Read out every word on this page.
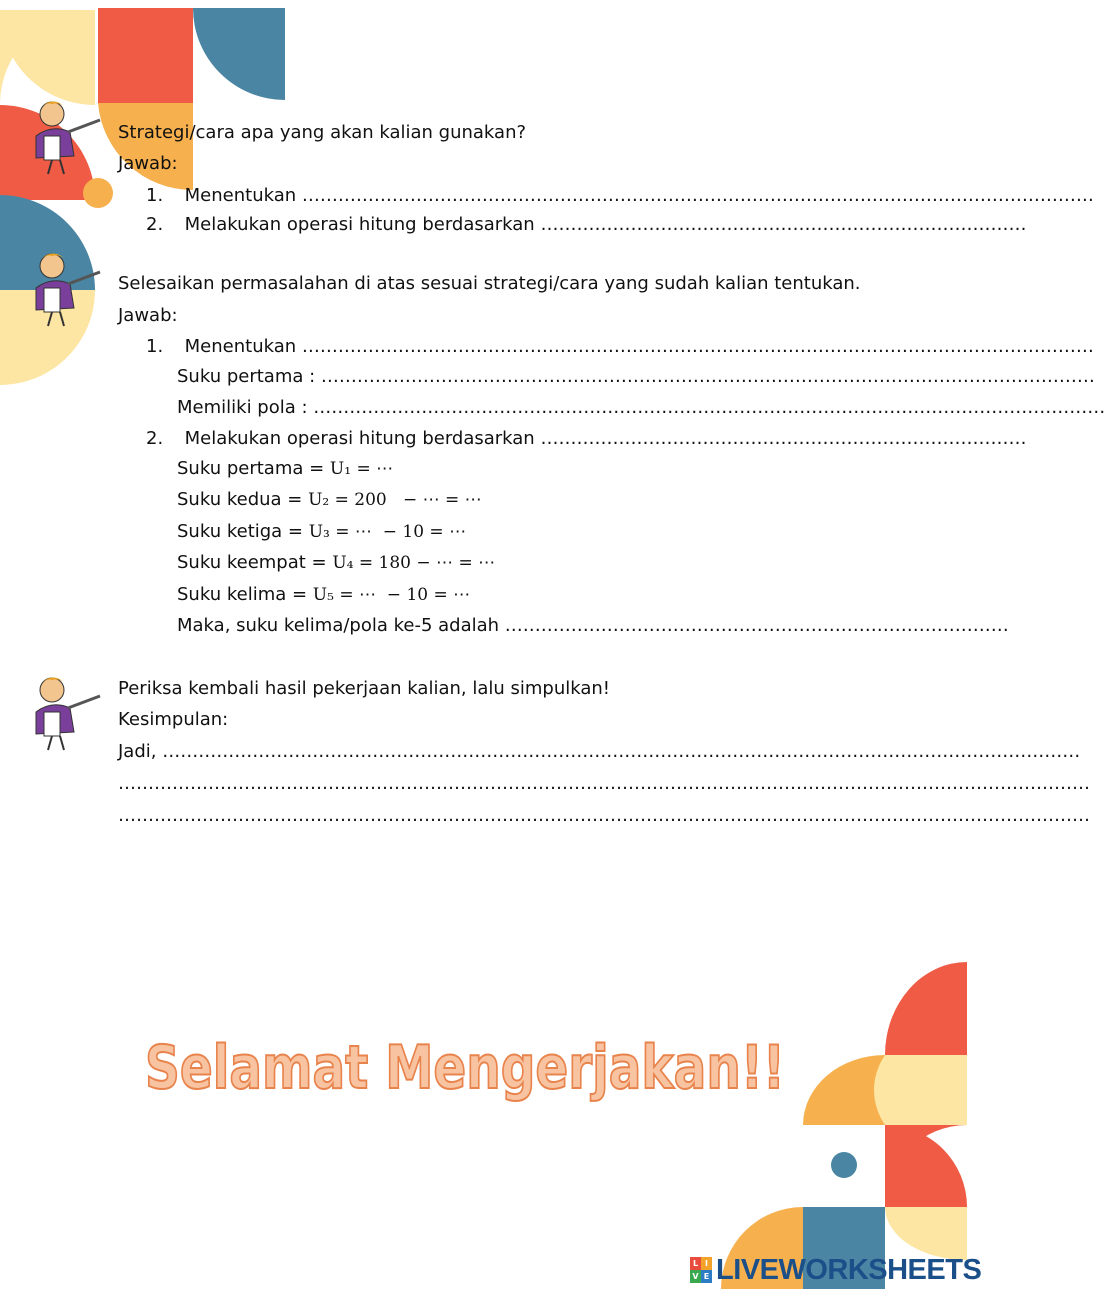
Strategi/cara apa yang akan kalian gunakan?
Jawab:
1. Menentukan ……………………………………………………………………………………………………………………
2. Melakukan operasi hitung berdasarkan ………………………………………………………………………
Selesaikan permasalahan di atas sesuai strategi/cara yang sudah kalian tentukan.
Jawab:
1. Menentukan ……………………………………………………………………………………………………………………
Suku pertama : …………………………………………………………………………………………………………………
Memiliki pola : ……………………………………………………………………………………………………………………
2. Melakukan operasi hitung berdasarkan ………………………………………………………………………
Suku pertama = U₁ = ⋯
Suku kedua = U₂ = 200   − ⋯ = ⋯
Suku ketiga = U₃ = ⋯  − 10 = ⋯
Suku keempat = U₄ = 180 − ⋯ = ⋯
Suku kelima = U₅ = ⋯  − 10 = ⋯
Maka, suku kelima/pola ke-5 adalah …………………………………………………………………………
Periksa kembali hasil pekerjaan kalian, lalu simpulkan!
Kesimpulan:
Jadi, ………………………………………………………………………………………………………………………………………
………………………………………………………………………………………………………………………………………………
………………………………………………………………………………………………………………………………………………
Selamat Mengerjakan!!
L I
V E LIVEWORKSHEETS
